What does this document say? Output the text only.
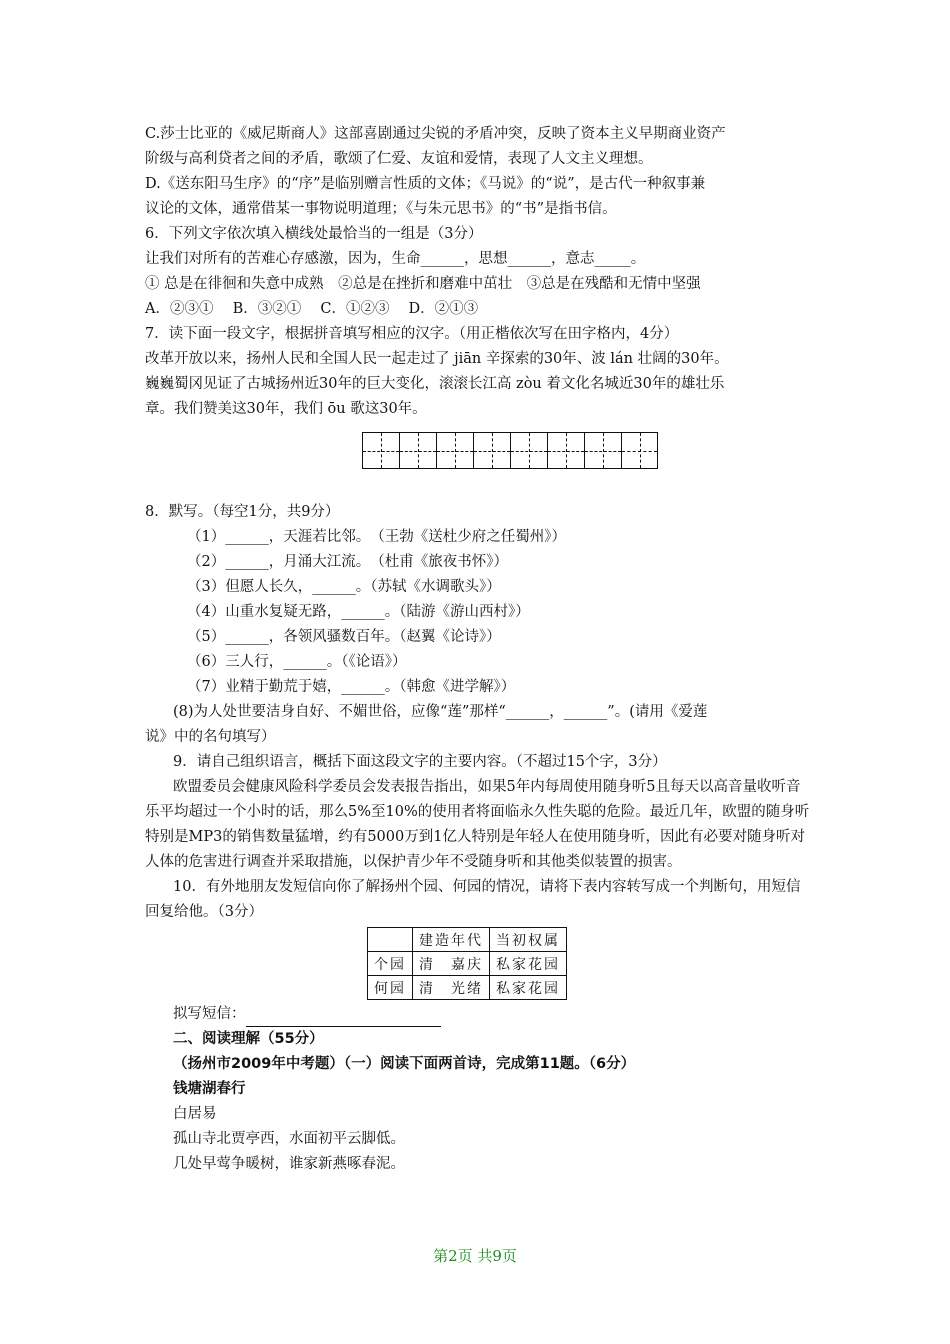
C.莎士比亚的《威尼斯商人》这部喜剧通过尖锐的矛盾冲突，反映了资本主义早期商业资产

阶级与高利贷者之间的矛盾，歌颂了仁爱、友谊和爱情，表现了人文主义理想。

D.《送东阳马生序》的“序”是临别赠言性质的文体；《马说》的“说”，是古代一种叙事兼

议论的文体，通常借某一事物说明道理；《与朱元思书》的“书”是指书信。

6．下列文字依次填入横线处最恰当的一组是（3分）

让我们对所有的苦难心存感激，因为，生命______，思想______，意志_____。

① 总是在徘徊和失意中成熟　②总是在挫折和磨难中茁壮　③总是在残酷和无情中坚强

A．②③①　 B．③②①　 C．①②③　 D．②①③

7．读下面一段文字，根据拼音填写相应的汉字。（用正楷依次写在田字格内，4分）

改革开放以来，扬州人民和全国人民一起走过了 jiān 辛探索的30年、波 lán 壮阔的30年。

巍巍蜀冈见证了古城扬州近30年的巨大变化，滚滚长江高 zòu 着文化名城近30年的雄壮乐

章。我们赞美这30年，我们 ōu 歌这30年。

8．默写。（每空1分，共9分）

（1）______，天涯若比邻。　（王勃《送杜少府之任蜀州》）

（2）______，月涌大江流。　（杜甫《旅夜书怀》）

（3）但愿人长久，______。（苏轼《水调歌头》）

（4）山重水复疑无路，______。（陆游《游山西村》）

（5）______，各领风骚数百年。（赵翼《论诗》）

（6）三人行，______。（《论语》）

（7）业精于勤荒于嬉，______。（韩愈《进学解》）

(8)为人处世要洁身自好、不媚世俗，应像“莲”那样“______，______”。(请用《爱莲

说》中的名句填写）

9．请自己组织语言，概括下面这段文字的主要内容。（不超过15个字，3分）

欧盟委员会健康风险科学委员会发表报告指出，如果5年内每周使用随身听5且每天以高音量收听音乐平均超过一个小时的话，那么5%至10%的使用者将面临永久性失聪的危险。最近几年，欧盟的随身听特别是MP3的销售数量猛增，约有5000万到1亿人特别是年轻人在使用随身听，因此有必要对随身听对人体的危害进行调查并采取措施，以保护青少年不受随身听和其他类似装置的损害。

10．有外地朋友发短信向你了解扬州个园、何园的情况，请将下表内容转写成一个判断句，用短信回复给他。（3分）

	建造年代	当初权属
个园	清　嘉庆	私家花园
何园	清　光绪	私家花园

拟写短信：

二、阅读理解（55分）

（扬州市2009年中考题）（一）阅读下面两首诗，完成第11题。（6分）

钱塘湖春行

白居易

孤山寺北贾亭西，水面初平云脚低。

几处早莺争暖树，谁家新燕啄春泥。

第2页 共9页
